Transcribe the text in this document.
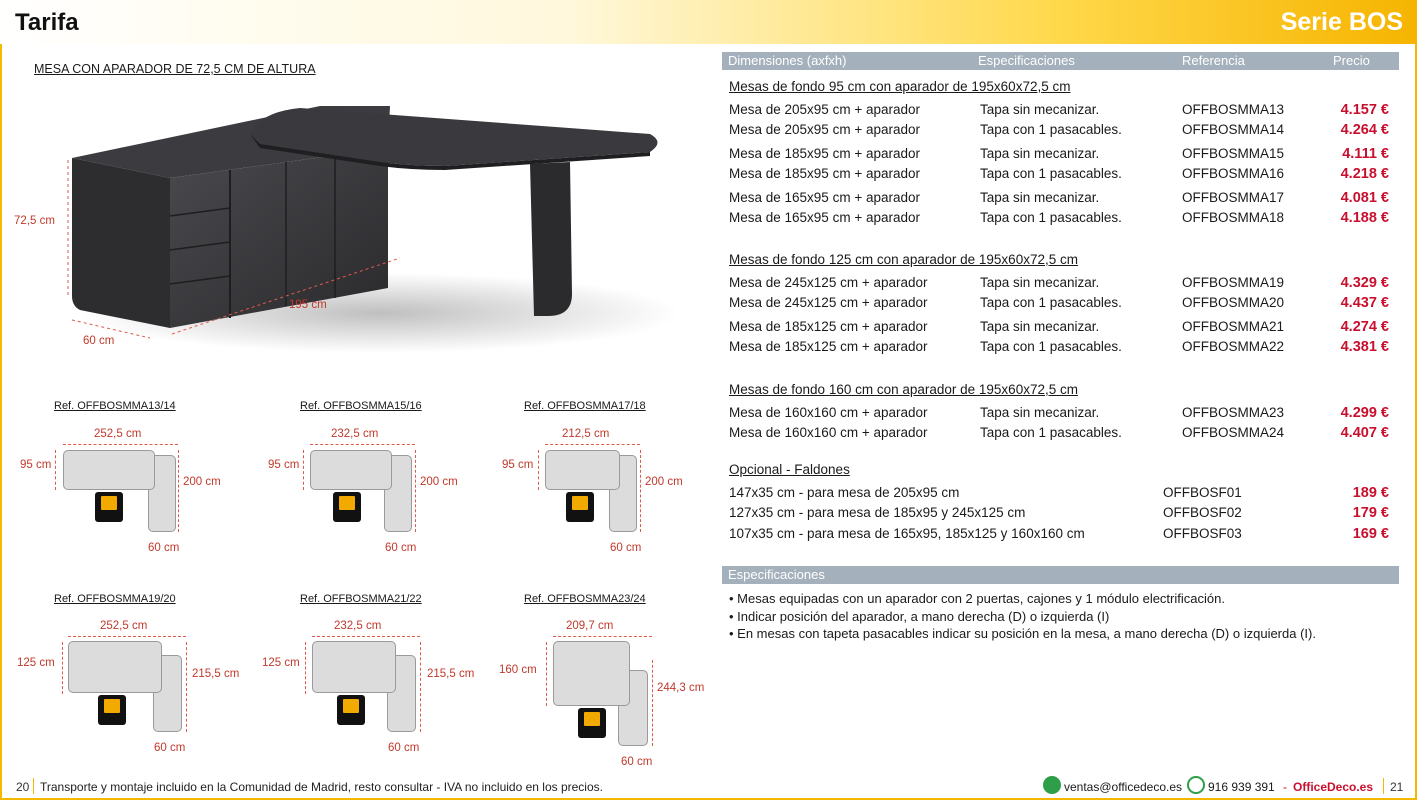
Tarifa	Serie BOS
MESA CON APARADOR DE 72,5 CM DE ALTURA
72,5 cm
195 cm
60 cm
Ref. OFFBOSMMA13/14
252,5 cm
95 cm
200 cm
60 cm
Ref. OFFBOSMMA15/16
232,5 cm
95 cm
200 cm
60 cm
Ref. OFFBOSMMA17/18
212,5 cm
95 cm
200 cm
60 cm
Ref. OFFBOSMMA19/20
252,5 cm
125 cm
215,5 cm
60 cm
Ref. OFFBOSMMA21/22
232,5 cm
125 cm
215,5 cm
60 cm
Ref. OFFBOSMMA23/24
209,7 cm
160 cm
244,3 cm
60 cm
Dimensiones (axfxh)	Especificaciones	Referencia	Precio
Mesas de fondo 95 cm con aparador de 195x60x72,5 cm
Mesa de 205x95 cm + aparador	Tapa sin mecanizar.	OFFBOSMMA13	4.157 €
Mesa de 205x95 cm + aparador	Tapa con 1 pasacables.	OFFBOSMMA14	4.264 €
Mesa de 185x95 cm + aparador	Tapa sin mecanizar.	OFFBOSMMA15	4.111 €
Mesa de 185x95 cm + aparador	Tapa con 1 pasacables.	OFFBOSMMA16	4.218 €
Mesa de 165x95 cm + aparador	Tapa sin mecanizar.	OFFBOSMMA17	4.081 €
Mesa de 165x95 cm + aparador	Tapa con 1 pasacables.	OFFBOSMMA18	4.188 €
Mesas de fondo 125 cm con aparador de 195x60x72,5 cm
Mesa de 245x125 cm + aparador	Tapa sin mecanizar.	OFFBOSMMA19	4.329 €
Mesa de 245x125 cm + aparador	Tapa con 1 pasacables.	OFFBOSMMA20	4.437 €
Mesa de 185x125 cm + aparador	Tapa sin mecanizar.	OFFBOSMMA21	4.274 €
Mesa de 185x125 cm + aparador	Tapa con 1 pasacables.	OFFBOSMMA22	4.381 €
Mesas de fondo 160 cm con aparador de 195x60x72,5 cm
Mesa de 160x160 cm + aparador	Tapa sin mecanizar.	OFFBOSMMA23	4.299 €
Mesa de 160x160 cm + aparador	Tapa con 1 pasacables.	OFFBOSMMA24	4.407 €
Opcional - Faldones
147x35 cm - para mesa de 205x95 cm	OFFBOSF01	189 €
127x35 cm - para mesa de 185x95 y 245x125 cm	OFFBOSF02	179 €
107x35 cm - para mesa de 165x95, 185x125 y 160x160 cm	OFFBOSF03	169 €
Especificaciones
• Mesas equipadas con un aparador con 2 puertas, cajones y 1 módulo electrificación.
• Indicar posición del aparador, a mano derecha (D) o izquierda (I)
• En mesas con tapeta pasacables indicar su posición en la mesa, a mano derecha (D) o izquierda (I).
20 Transporte y montaje incluido en la Comunidad de Madrid, resto consultar - IVA no incluido en los precios.	ventas@officedeco.es 916 939 391 - OfficeDeco.es 21
